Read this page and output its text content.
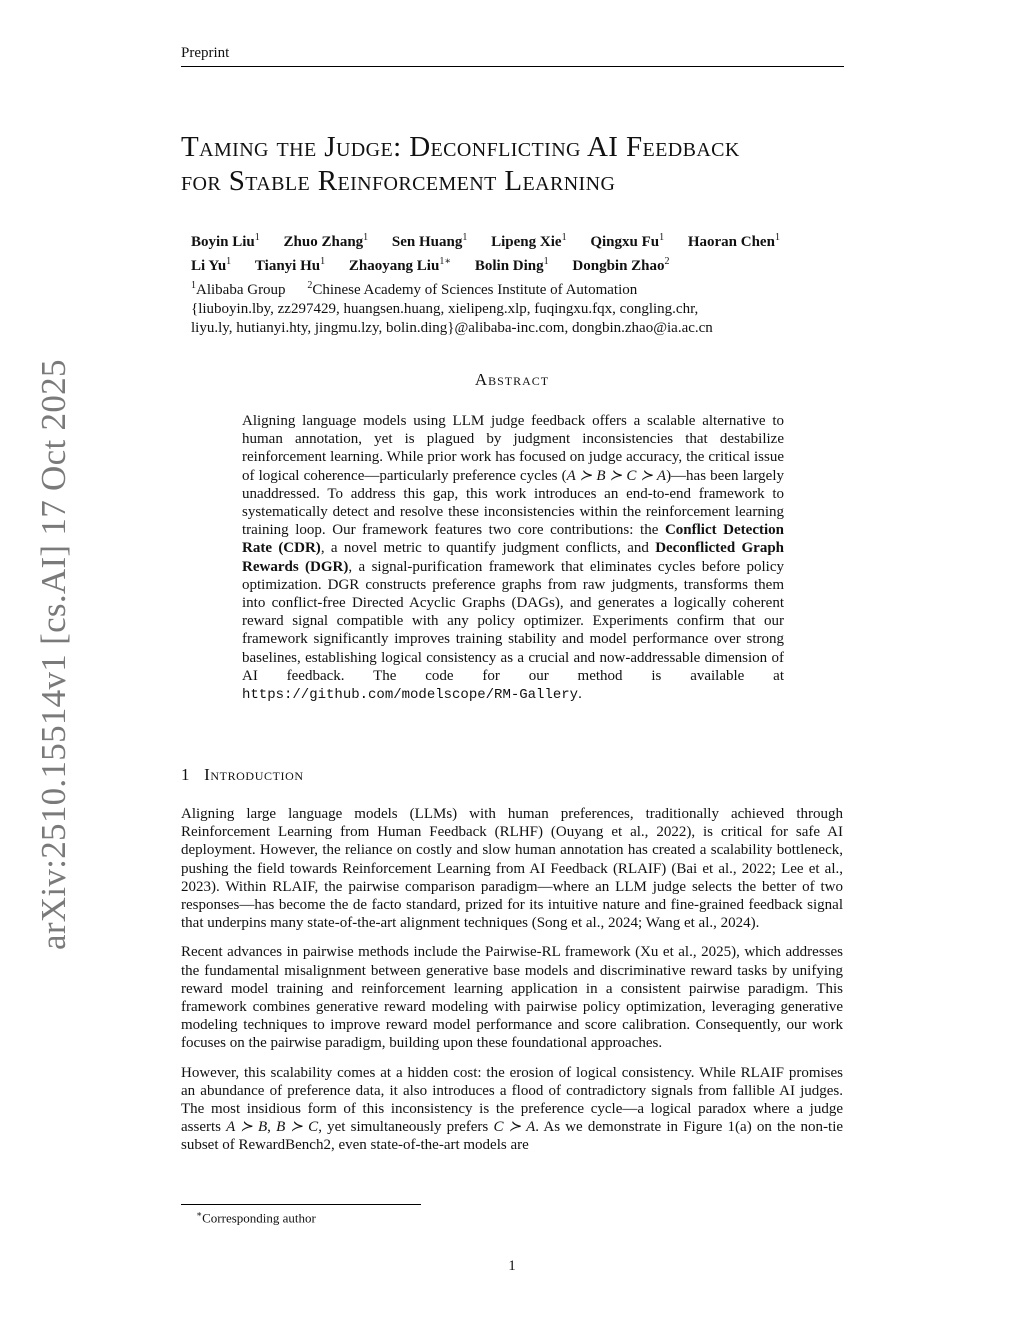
Preprint
arXiv:2510.15514v1 [cs.AI] 17 Oct 2025
Taming the Judge: Deconflicting AI Feedback
for Stable Reinforcement Learning
Boyin Liu$^1$ Zhuo Zhang$^1$ Sen Huang$^1$ Lipeng Xie$^1$ Qingxu Fu$^1$ Haoran Chen$^1$
Li Yu$^1$ Tianyi Hu$^1$ Zhaoyang Liu$^{1∗}$ Bolin Ding$^1$ Dongbin Zhao$^2$
$^1$Alibaba Group $^2$Chinese Academy of Sciences Institute of Automation
{liuboyin.lby, zz297429, huangsen.huang, xielipeng.xlp, fuqingxu.fqx, congling.chr,
liyu.ly, hutianyi.hty, jingmu.lzy, bolin.ding}@alibaba-inc.com, dongbin.zhao@ia.ac.cn
Abstract
Aligning language models using LLM judge feedback offers a scalable alternative to human annotation, yet is plagued by judgment inconsistencies that destabilize reinforcement learning. While prior work has focused on judge accuracy, the critical issue of logical coherence—particularly preference cycles (A ≻ B ≻ C ≻ A)—has been largely unaddressed. To address this gap, this work introduces an end-to-end framework to systematically detect and resolve these inconsistencies within the reinforcement learning training loop. Our framework features two core contributions: the Conflict Detection Rate (CDR), a novel metric to quantify judgment conflicts, and Deconflicted Graph Rewards (DGR), a signal-purification framework that eliminates cycles before policy optimization. DGR constructs preference graphs from raw judgments, transforms them into conflict-free Directed Acyclic Graphs (DAGs), and generates a logically coherent reward signal compatible with any policy optimizer. Experiments confirm that our framework significantly improves training stability and model performance over strong baselines, establishing logical consistency as a crucial and now-addressable dimension of AI feedback. The code for our method is available at https://github.com/modelscope/RM-Gallery.
1 Introduction

Aligning large language models (LLMs) with human preferences, traditionally achieved through Reinforcement Learning from Human Feedback (RLHF) (Ouyang et al., 2022), is critical for safe AI deployment. However, the reliance on costly and slow human annotation has created a scalability bottleneck, pushing the field towards Reinforcement Learning from AI Feedback (RLAIF) (Bai et al., 2022; Lee et al., 2023). Within RLAIF, the pairwise comparison paradigm—where an LLM judge selects the better of two responses—has become the de facto standard, prized for its intuitive nature and fine-grained feedback signal that underpins many state-of-the-art alignment techniques (Song et al., 2024; Wang et al., 2024).

Recent advances in pairwise methods include the Pairwise-RL framework (Xu et al., 2025), which addresses the fundamental misalignment between generative base models and discriminative reward tasks by unifying reward model training and reinforcement learning application in a consistent pairwise paradigm. This framework combines generative reward modeling with pairwise policy optimization, leveraging generative modeling techniques to improve reward model performance and score calibration. Consequently, our work focuses on the pairwise paradigm, building upon these foundational approaches.

However, this scalability comes at a hidden cost: the erosion of logical consistency. While RLAIF promises an abundance of preference data, it also introduces a flood of contradictory signals from fallible AI judges. The most insidious form of this inconsistency is the preference cycle—a logical paradox where a judge asserts A ≻ B, B ≻ C, yet simultaneously prefers C ≻ A. As we demonstrate in Figure 1(a) on the non-tie subset of RewardBench2, even state-of-the-art models are

∗Corresponding author
1
